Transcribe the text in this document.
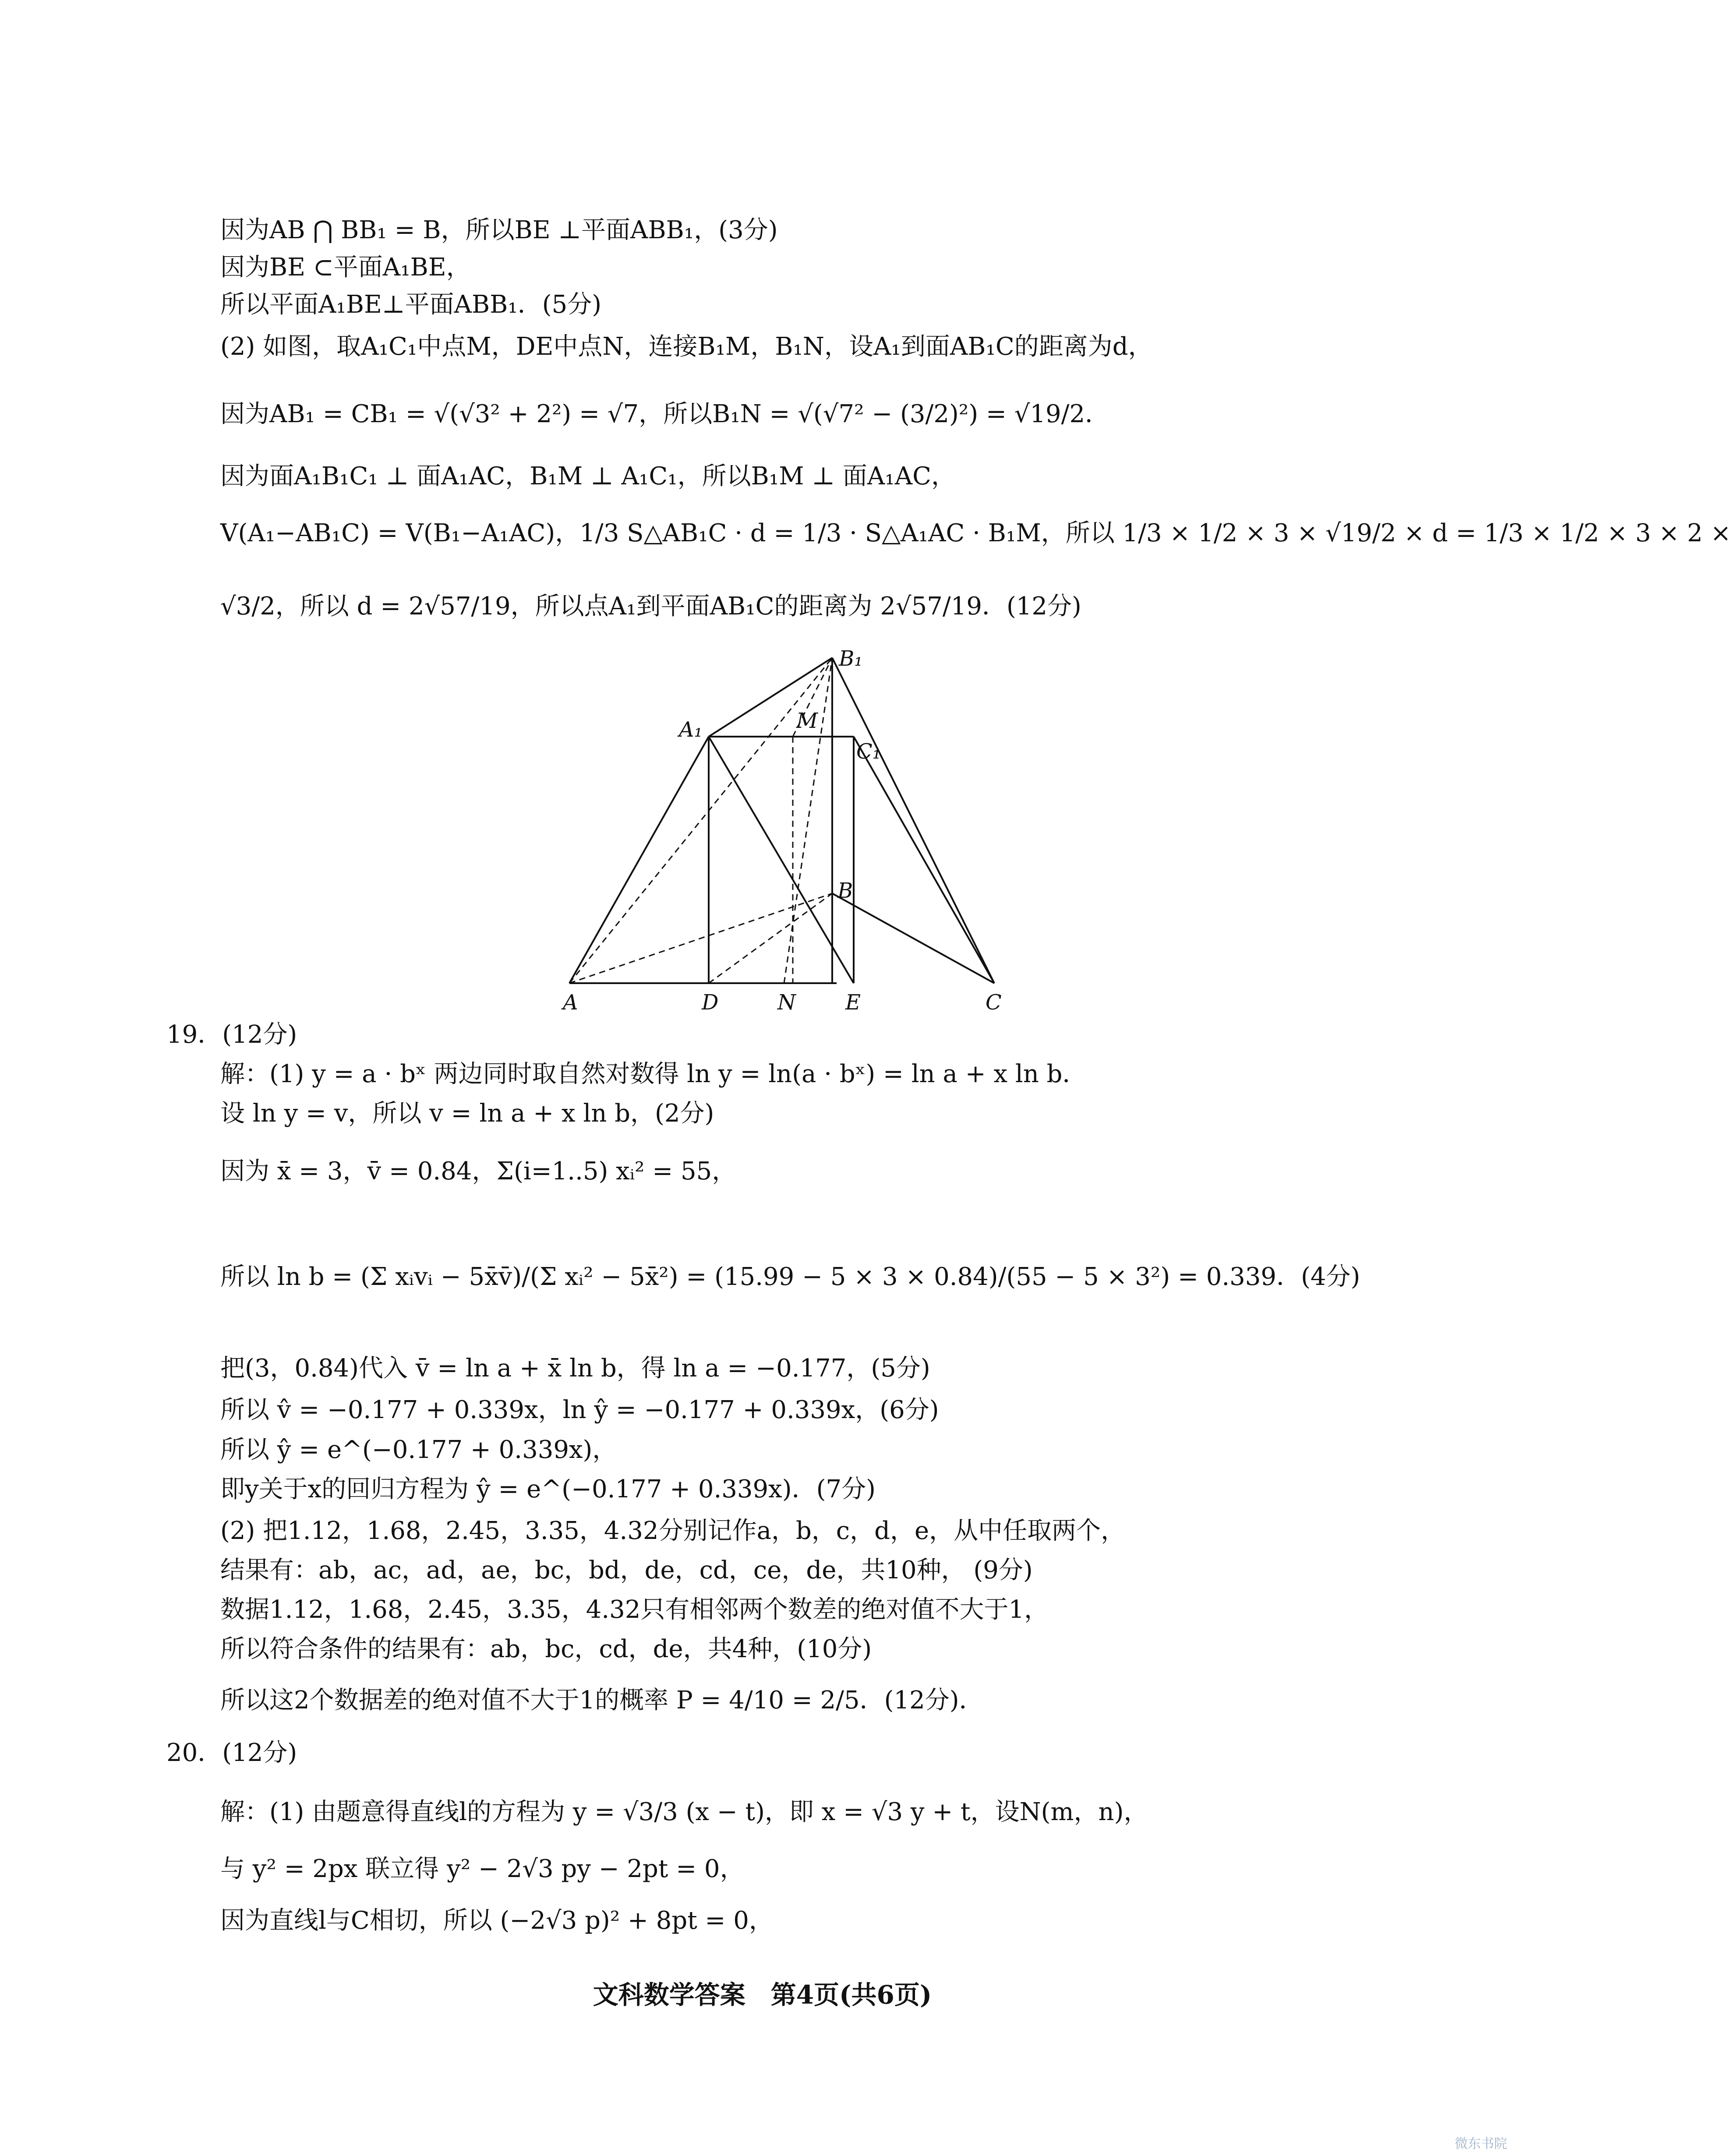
因为AB ⋂ BB₁ = B，所以BE ⊥平面ABB₁，(3分)
因为BE ⊂平面A₁BE，
所以平面A₁BE⊥平面ABB₁．(5分)
(2) 如图，取A₁C₁中点M，DE中点N，连接B₁M，B₁N，设A₁到面AB₁C的距离为d，
因为AB₁ = CB₁ = √(√3² + 2²) = √7，所以B₁N = √(√7² − (3/2)²) = √19/2．
因为面A₁B₁C₁ ⊥ 面A₁AC，B₁M ⊥ A₁C₁，所以B₁M ⊥ 面A₁AC，
V(A₁−AB₁C) = V(B₁−A₁AC)，1/3 S△AB₁C · d = 1/3 · S△A₁AC · B₁M，所以 1/3 × 1/2 × 3 × √19/2 × d = 1/3 × 1/2 × 3 × 2 ×
√3/2，所以 d = 2√57/19，所以点A₁到平面AB₁C的距离为 2√57/19．(12分)
A	D	N E	C
A₁
B₁
C₁
M
B
19．(12分)
解：(1) y = a · bˣ 两边同时取自然对数得 ln y = ln(a · bˣ) = ln a + x ln b．
设 ln y = v，所以 v = ln a + x ln b，(2分)
因为 x̄ = 3，v̄ = 0.84，Σ(i=1..5) xᵢ² = 55，
所以 ln b = (Σ xᵢvᵢ − 5x̄v̄)/(Σ xᵢ² − 5x̄²) = (15.99 − 5 × 3 × 0.84)/(55 − 5 × 3²) = 0.339．(4分)
把(3，0.84)代入 v̄ = ln a + x̄ ln b，得 ln a = −0.177，(5分)
所以 v̂ = −0.177 + 0.339x，ln ŷ = −0.177 + 0.339x，(6分)
所以 ŷ = e^(−0.177 + 0.339x)，
即y关于x的回归方程为 ŷ = e^(−0.177 + 0.339x)．(7分)
(2) 把1.12，1.68，2.45，3.35，4.32分别记作a，b，c，d，e，从中任取两个，
结果有：ab，ac，ad，ae，bc，bd，de，cd，ce，de，共10种， (9分)
数据1.12，1.68，2.45，3.35，4.32只有相邻两个数差的绝对值不大于1，
所以符合条件的结果有：ab，bc，cd，de，共4种，(10分)
所以这2个数据差的绝对值不大于1的概率 P = 4/10 = 2/5．(12分)．
20．(12分)
解：(1) 由题意得直线l的方程为 y = √3/3 (x − t)，即 x = √3 y + t，设N(m，n)，
与 y² = 2px 联立得 y² − 2√3 py − 2pt = 0，
因为直线l与C相切，所以 (−2√3 p)² + 8pt = 0，
文科数学答案　第4页(共6页)
微东书院
